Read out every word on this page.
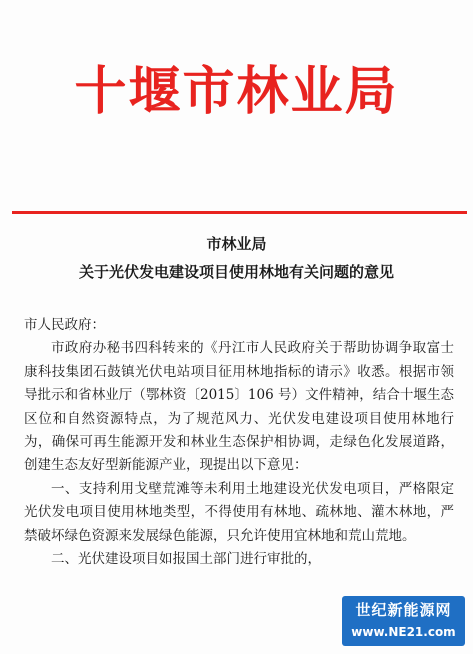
十堰市林业局
市林业局
关于光伏发电建设项目使用林地有关问题的意见

市人民政府：

市政府办秘书四科转来的《丹江市人民政府关于帮助协调争取富士康科技集团石鼓镇光伏电站项目征用林地指标的请示》收悉。根据市领导批示和省林业厅（鄂林资〔2015〕106 号）文件精神，结合十堰生态区位和自然资源特点，为了规范风力、光伏发电建设项目使用林地行为，确保可再生能源开发和林业生态保护相协调，走绿色化发展道路，创建生态友好型新能源产业，现提出以下意见：

一、支持利用戈壁荒滩等未利用土地建设光伏发电项目，严格限定光伏发电项目使用林地类型，不得使用有林地、疏林地、灌木林地，严禁破坏绿色资源来发展绿色能源，只允许使用宜林地和荒山荒地。

二、光伏建设项目如报国土部门进行审批的，

世纪新能源网
www.NE21.com
